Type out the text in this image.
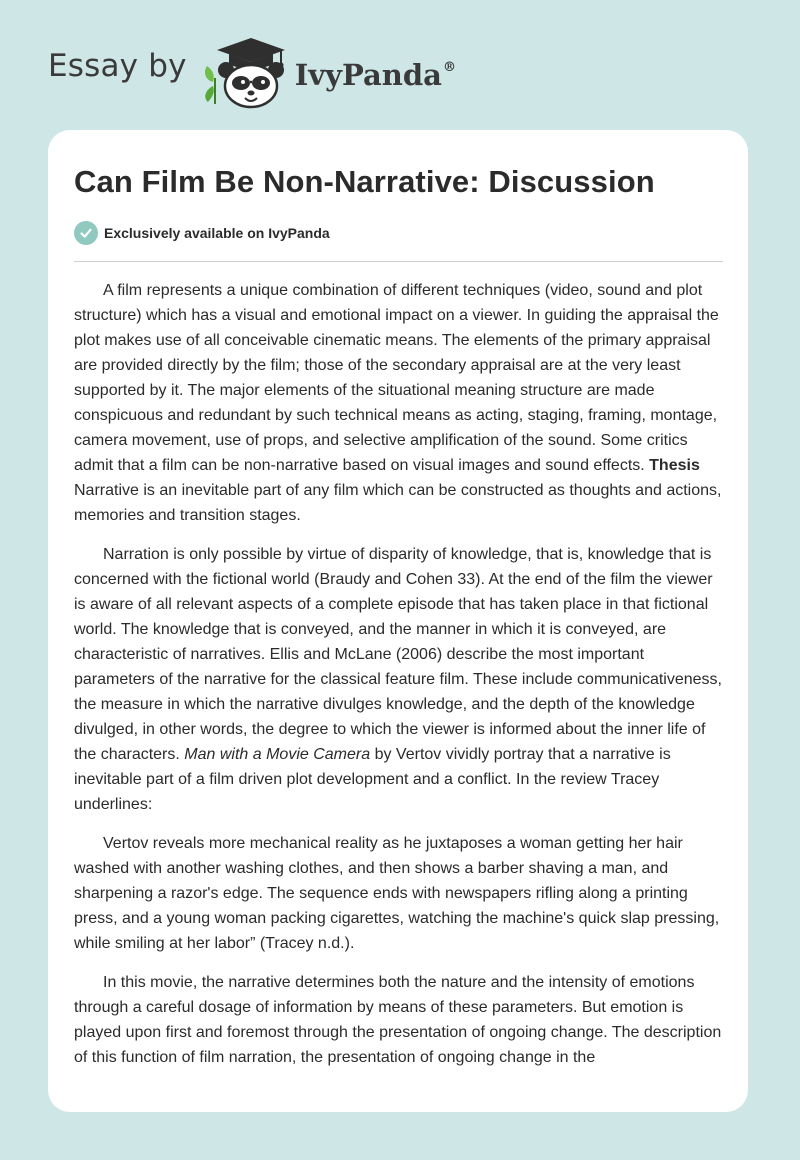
Essay by	IvyPanda®
Can Film Be Non-Narrative: Discussion
Exclusively available on IvyPanda

A film represents a unique combination of different techniques (video, sound and plot structure) which has a visual and emotional impact on a viewer. In guiding the appraisal the plot makes use of all conceivable cinematic means. The elements of the primary appraisal are provided directly by the film; those of the secondary appraisal are at the very least supported by it. The major elements of the situational meaning structure are made conspicuous and redundant by such technical means as acting, staging, framing, montage, camera movement, use of props, and selective amplification of the sound. Some critics admit that a film can be non-narrative based on visual images and sound effects. Thesis Narrative is an inevitable part of any film which can be constructed as thoughts and actions, memories and transition stages.

Narration is only possible by virtue of disparity of knowledge, that is, knowledge that is concerned with the fictional world (Braudy and Cohen 33). At the end of the film the viewer is aware of all relevant aspects of a complete episode that has taken place in that fictional world. The knowledge that is conveyed, and the manner in which it is conveyed, are characteristic of narratives. Ellis and McLane (2006) describe the most important parameters of the narrative for the classical feature film. These include communicativeness, the measure in which the narrative divulges knowledge, and the depth of the knowledge divulged, in other words, the degree to which the viewer is informed about the inner life of the characters. Man with a Movie Camera by Vertov vividly portray that a narrative is inevitable part of a film driven plot development and a conflict. In the review Tracey underlines:

Vertov reveals more mechanical reality as he juxtaposes a woman getting her hair washed with another washing clothes, and then shows a barber shaving a man, and sharpening a razor's edge. The sequence ends with newspapers rifling along a printing press, and a young woman packing cigarettes, watching the machine's quick slap pressing, while smiling at her labor” (Tracey n.d.).

In this movie, the narrative determines both the nature and the intensity of emotions through a careful dosage of information by means of these parameters. But emotion is played upon first and foremost through the presentation of ongoing change. The description of this function of film narration, the presentation of ongoing change in the
